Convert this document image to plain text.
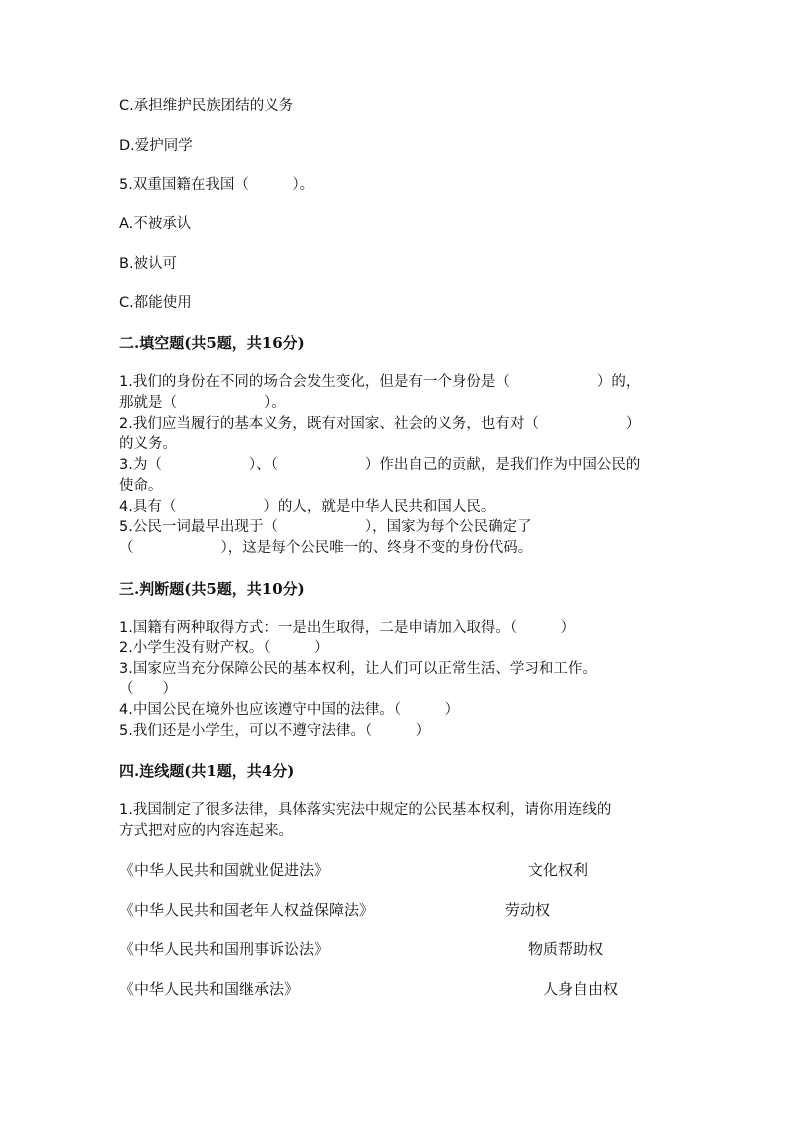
C.承担维护民族团结的义务
D.爱护同学
5.双重国籍在我国（　　　）。
A.不被承认
B.被认可
C.都能使用
二.填空题(共5题，共16分)
1.我们的身份在不同的场合会发生变化，但是有一个身份是（　　　　　　）的，
那就是（　　　　　　）。
2.我们应当履行的基本义务，既有对国家、社会的义务，也有对（　　　　　　）
的义务。
3.为（　　　　　　）、（　　　　　　）作出自己的贡献，是我们作为中国公民的
使命。
4.具有（　　　　　　）的人，就是中华人民共和国人民。
5.公民一词最早出现于（　　　　　　），国家为每个公民确定了
（　　　　　　），这是每个公民唯一的、终身不变的身份代码。
三.判断题(共5题，共10分)
1.国籍有两种取得方式：一是出生取得，二是申请加入取得。（　　　）
2.小学生没有财产权。（　　　）
3.国家应当充分保障公民的基本权利，让人们可以正常生活、学习和工作。
（　　）
4.中国公民在境外也应该遵守中国的法律。（　　　）
5.我们还是小学生，可以不遵守法律。（　　　）
四.连线题(共1题，共4分)
1.我国制定了很多法律，具体落实宪法中规定的公民基本权利，请你用连线的
方式把对应的内容连起来。
《中华人民共和国就业促进法》
《中华人民共和国老年人权益保障法》
《中华人民共和国刑事诉讼法》
《中华人民共和国继承法》
文化权利
劳动权
物质帮助权
人身自由权
